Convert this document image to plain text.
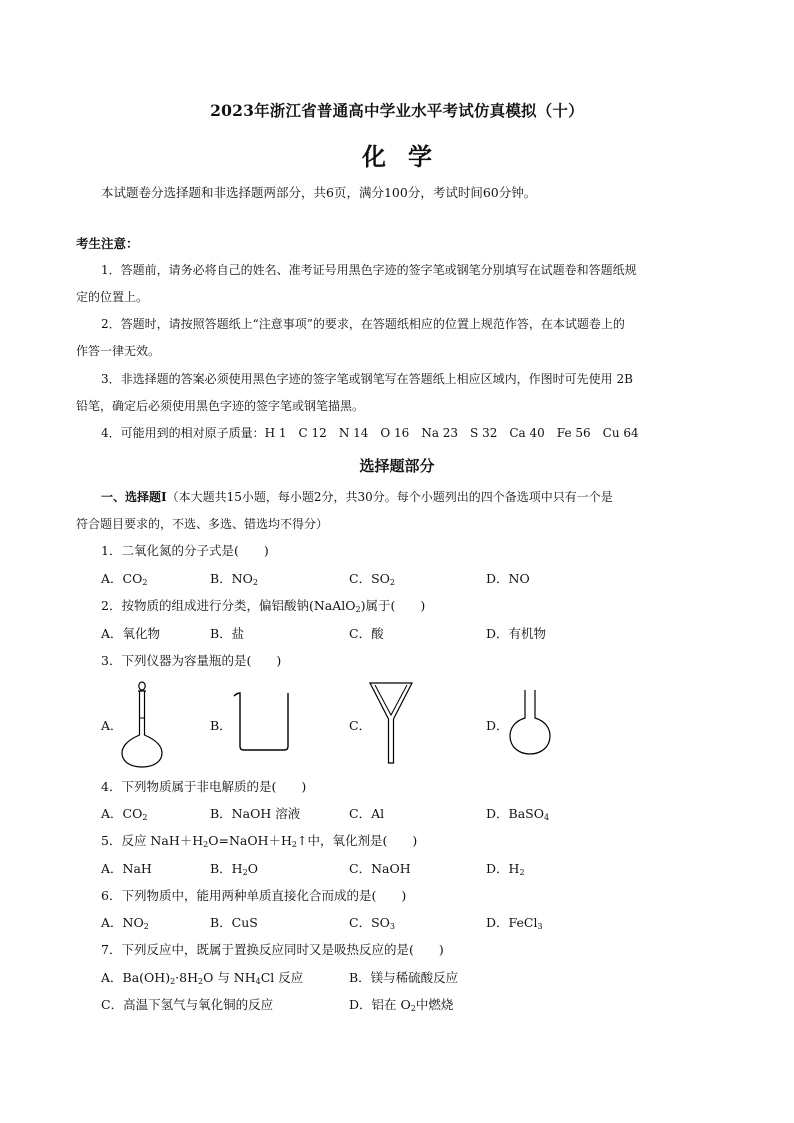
2023年浙江省普通高中学业水平考试仿真模拟（十）
化学
本试题卷分选择题和非选择题两部分，共6页，满分100分，考试时间60分钟。
考生注意：
1．答题前，请务必将自己的姓名、准考证号用黑色字迹的签字笔或钢笔分别填写在试题卷和答题纸规
定的位置上。
2．答题时，请按照答题纸上“注意事项”的要求，在答题纸相应的位置上规范作答，在本试题卷上的
作答一律无效。
3．非选择题的答案必须使用黑色字迹的签字笔或钢笔写在答题纸上相应区域内，作图时可先使用 2B
铅笔，确定后必须使用黑色字迹的签字笔或钢笔描黑。
4．可能用到的相对原子质量：H 1　C 12　N 14　O 16　Na 23　S 32　Ca 40　Fe 56　Cu 64
选择题部分
一、选择题Ⅰ（本大题共15小题，每小题2分，共30分。每个小题列出的四个备选项中只有一个是
符合题目要求的，不选、多选、错选均不得分）
1．二氧化氮的分子式是(　　)
A．$CO_2$	B．$NO_2$	C．$SO_2$	D．NO
2．按物质的组成进行分类，偏铝酸钠(NaAlO$_2$)属于(　　)
A．氧化物	B．盐	C．酸	D．有机物
3．下列仪器为容量瓶的是(　　)
A．	B．	C．	D．
4．下列物质属于非电解质的是(　　)
A．$CO_2$	B．NaOH 溶液	C．Al	D．BaSO$_4$
5．反应 $NaH+H_2O=NaOH+H_2↑$中，氧化剂是(　　)
A．NaH	B．$H_2O$	C．NaOH	D．$H_2$
6．下列物质中，能用两种单质直接化合而成的是(　　)
A．$NO_2$	B．CuS	C．$SO_3$	D．FeCl$_3$
7．下列反应中，既属于置换反应同时又是吸热反应的是(　　)
A．$Ba(OH)_2\cdot 8H_2O$ 与 $NH_4Cl$ 反应	B．镁与稀硫酸反应
C．高温下氢气与氧化铜的反应	D．铝在 $O_2$中燃烧
